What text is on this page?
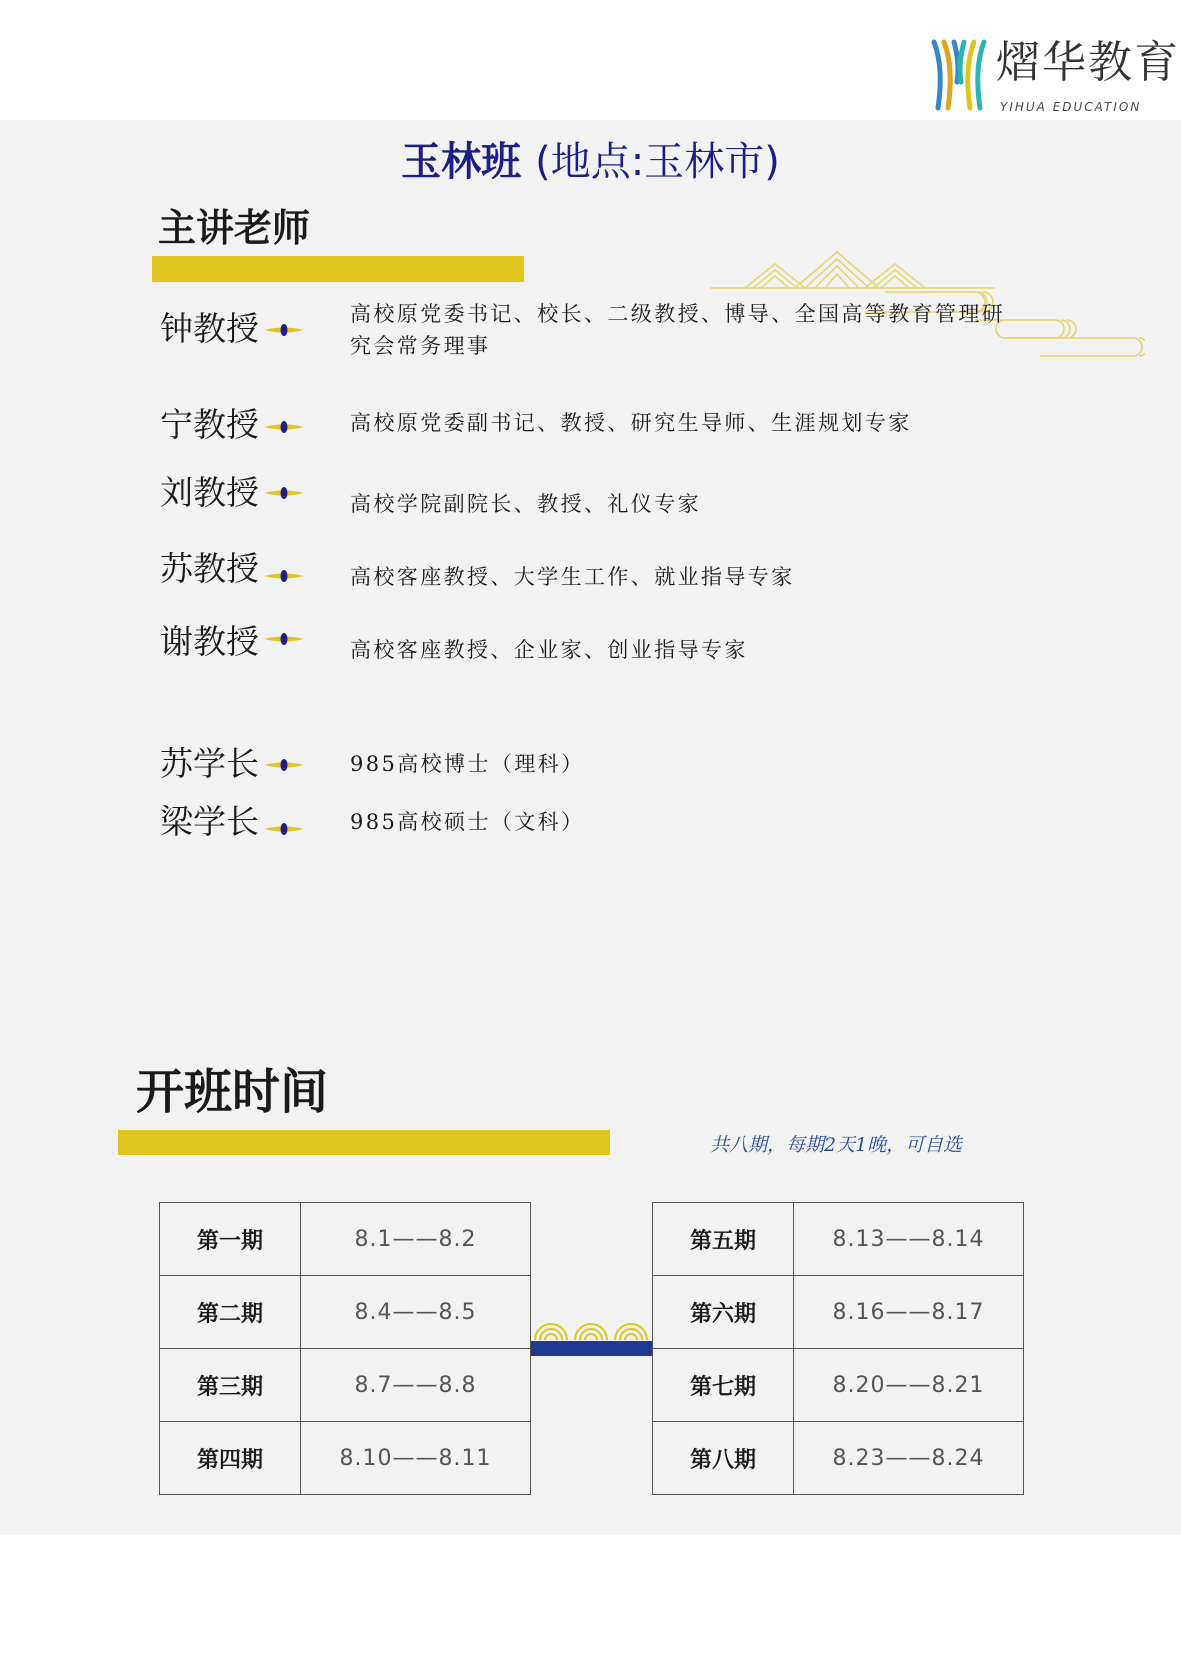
熠华教育
YIHUA EDUCATION
玉林班 (地点:玉林市)
主讲老师
钟教授	高校原党委书记、校长、二级教授、博导、全国高等教育管理研究会常务理事
宁教授	高校原党委副书记、教授、研究生导师、生涯规划专家
刘教授	高校学院副院长、教授、礼仪专家
苏教授	高校客座教授、大学生工作、就业指导专家
谢教授	高校客座教授、企业家、创业指导专家
苏学长	985高校博士（理科）
梁学长	985高校硕士（文科）
开班时间
共八期，每期2天1晚，可自选
第一期	8.1——8.2
第二期	8.4——8.5
第三期	8.7——8.8
第四期	8.10——8.11
第五期	8.13——8.14
第六期	8.16——8.17
第七期	8.20——8.21
第八期	8.23——8.24
